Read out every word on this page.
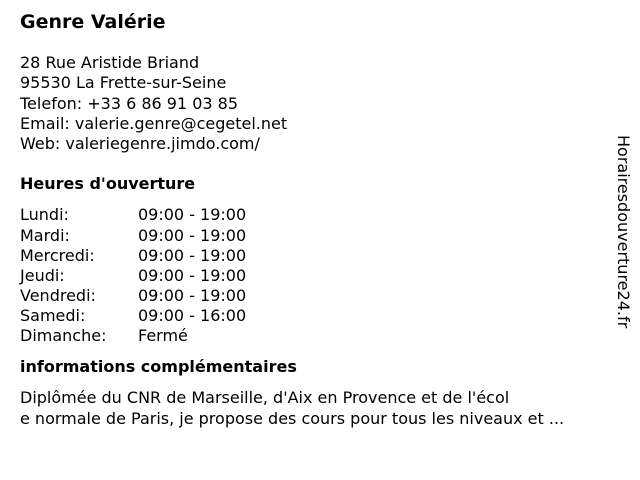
Genre Valérie
28 Rue Aristide Briand
95530 La Frette-sur-Seine
Telefon: +33 6 86 91 03 85
Email: valerie.genre@cegetel.net
Web: valeriegenre.jimdo.com/
Heures d'ouverture
Lundi:	09:00 - 19:00
Mardi:	09:00 - 19:00
Mercredi:	09:00 - 19:00
Jeudi:	09:00 - 19:00
Vendredi:	09:00 - 19:00
Samedi:	09:00 - 16:00
Dimanche:	Fermé
informations complémentaires
Diplômée du CNR de Marseille, d'Aix en Provence et de l'écol
e normale de Paris, je propose des cours pour tous les niveaux et ...
Horairesdouverture24.fr
